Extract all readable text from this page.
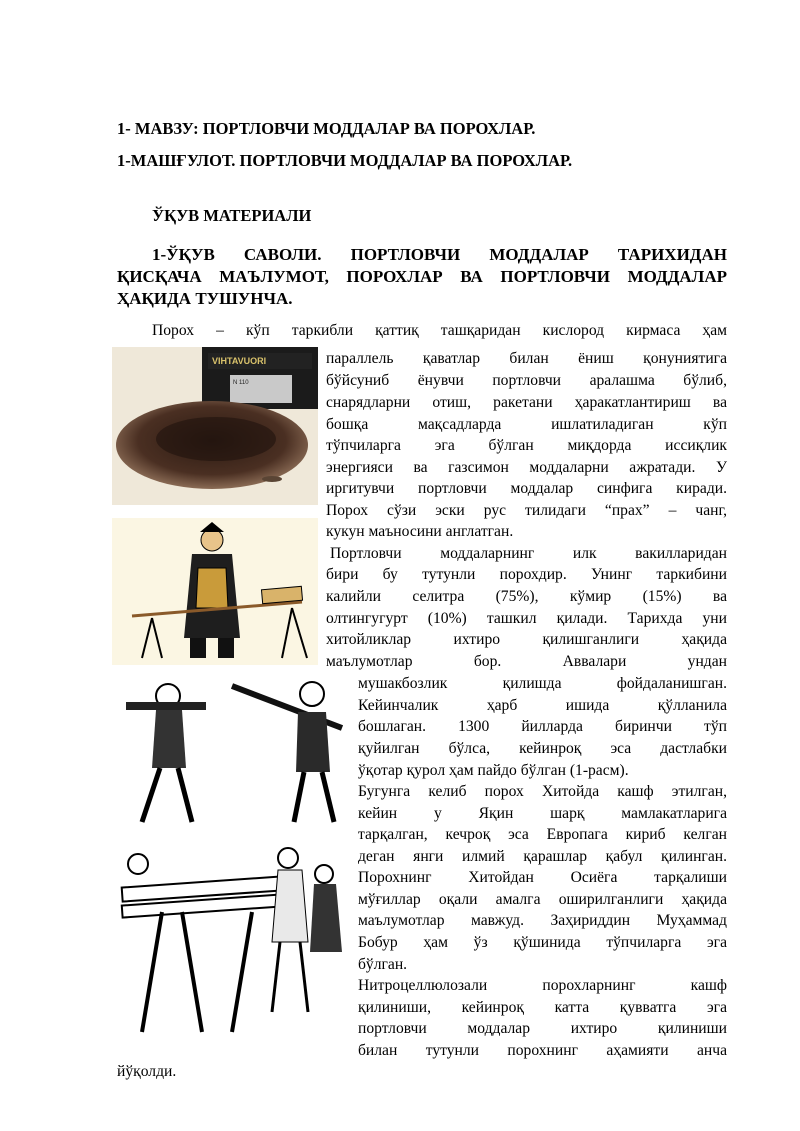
1- МАВЗУ: ПОРТЛОВЧИ МОДДАЛАР ВА ПОРОХЛАР.
1-МАШҒУЛОТ. ПОРТЛОВЧИ МОДДАЛАР ВА ПОРОХЛАР.
ЎҚУВ МАТЕРИАЛИ
1-ЎҚУВ САВОЛИ. ПОРТЛОВЧИ МОДДАЛАР ТАРИХИДАН
ҚИСҚАЧА МАЪЛУМОТ, ПОРОХЛАР ВА ПОРТЛОВЧИ МОДДАЛАР
ҲАҚИДА ТУШУНЧА.
VIHTAVUORI
N 110
Порох – кўп таркибли қаттиқ ташқаридан кислород кирмаса ҳам
параллель қаватлар билан ёниш қонуниятига
бўйсуниб ёнувчи портловчи аралашма бўлиб,
снарядларни отиш, ракетани ҳаракатлантириш ва
бошқа мақсадларда ишлатиладиган кўп
тўпчиларга эга бўлган миқдорда иссиқлик
энергияси ва газсимон моддаларни ажратади. У
иргитувчи портловчи моддалар синфига киради.
Порох сўзи эски рус тилидаги “прах” – чанг,
кукун маъносини англатган.
Портловчи моддаларнинг илк вакилларидан
бири бу тутунли порохдир. Унинг таркибини
калийли селитра (75%), кўмир (15%) ва
олтингугурт (10%) ташкил қилади. Тарихда уни
хитойликлар ихтиро қилишганлиги ҳақида
маълумотлар бор. Аввалари ундан
мушакбозлик қилишда фойдаланишган.
Кейинчалик ҳарб ишида қўлланила
бошлаган. 1300 йилларда биринчи тўп
қуйилган бўлса, кейинроқ эса дастлабки
ўқотар қурол ҳам пайдо бўлган (1-расм).
Бугунга келиб порох Хитойда кашф этилган,
кейин у Яқин шарқ мамлакатларига
тарқалган, кечроқ эса Европага кириб келган
деган янги илмий қарашлар қабул қилинган.
Порохнинг Хитойдан Осиёга тарқалиши
мўғиллар оқали амалга оширилганлиги ҳақида
маълумотлар мавжуд. Заҳириддин Муҳаммад
Бобур ҳам ўз қўшинида тўпчиларга эга
бўлган.
Нитроцеллюлозали порохларнинг кашф
қилиниши, кейинроқ катта қувватга эга
портловчи моддалар ихтиро қилиниши
билан тутунли порохнинг аҳамияти анча
йўқолди.
